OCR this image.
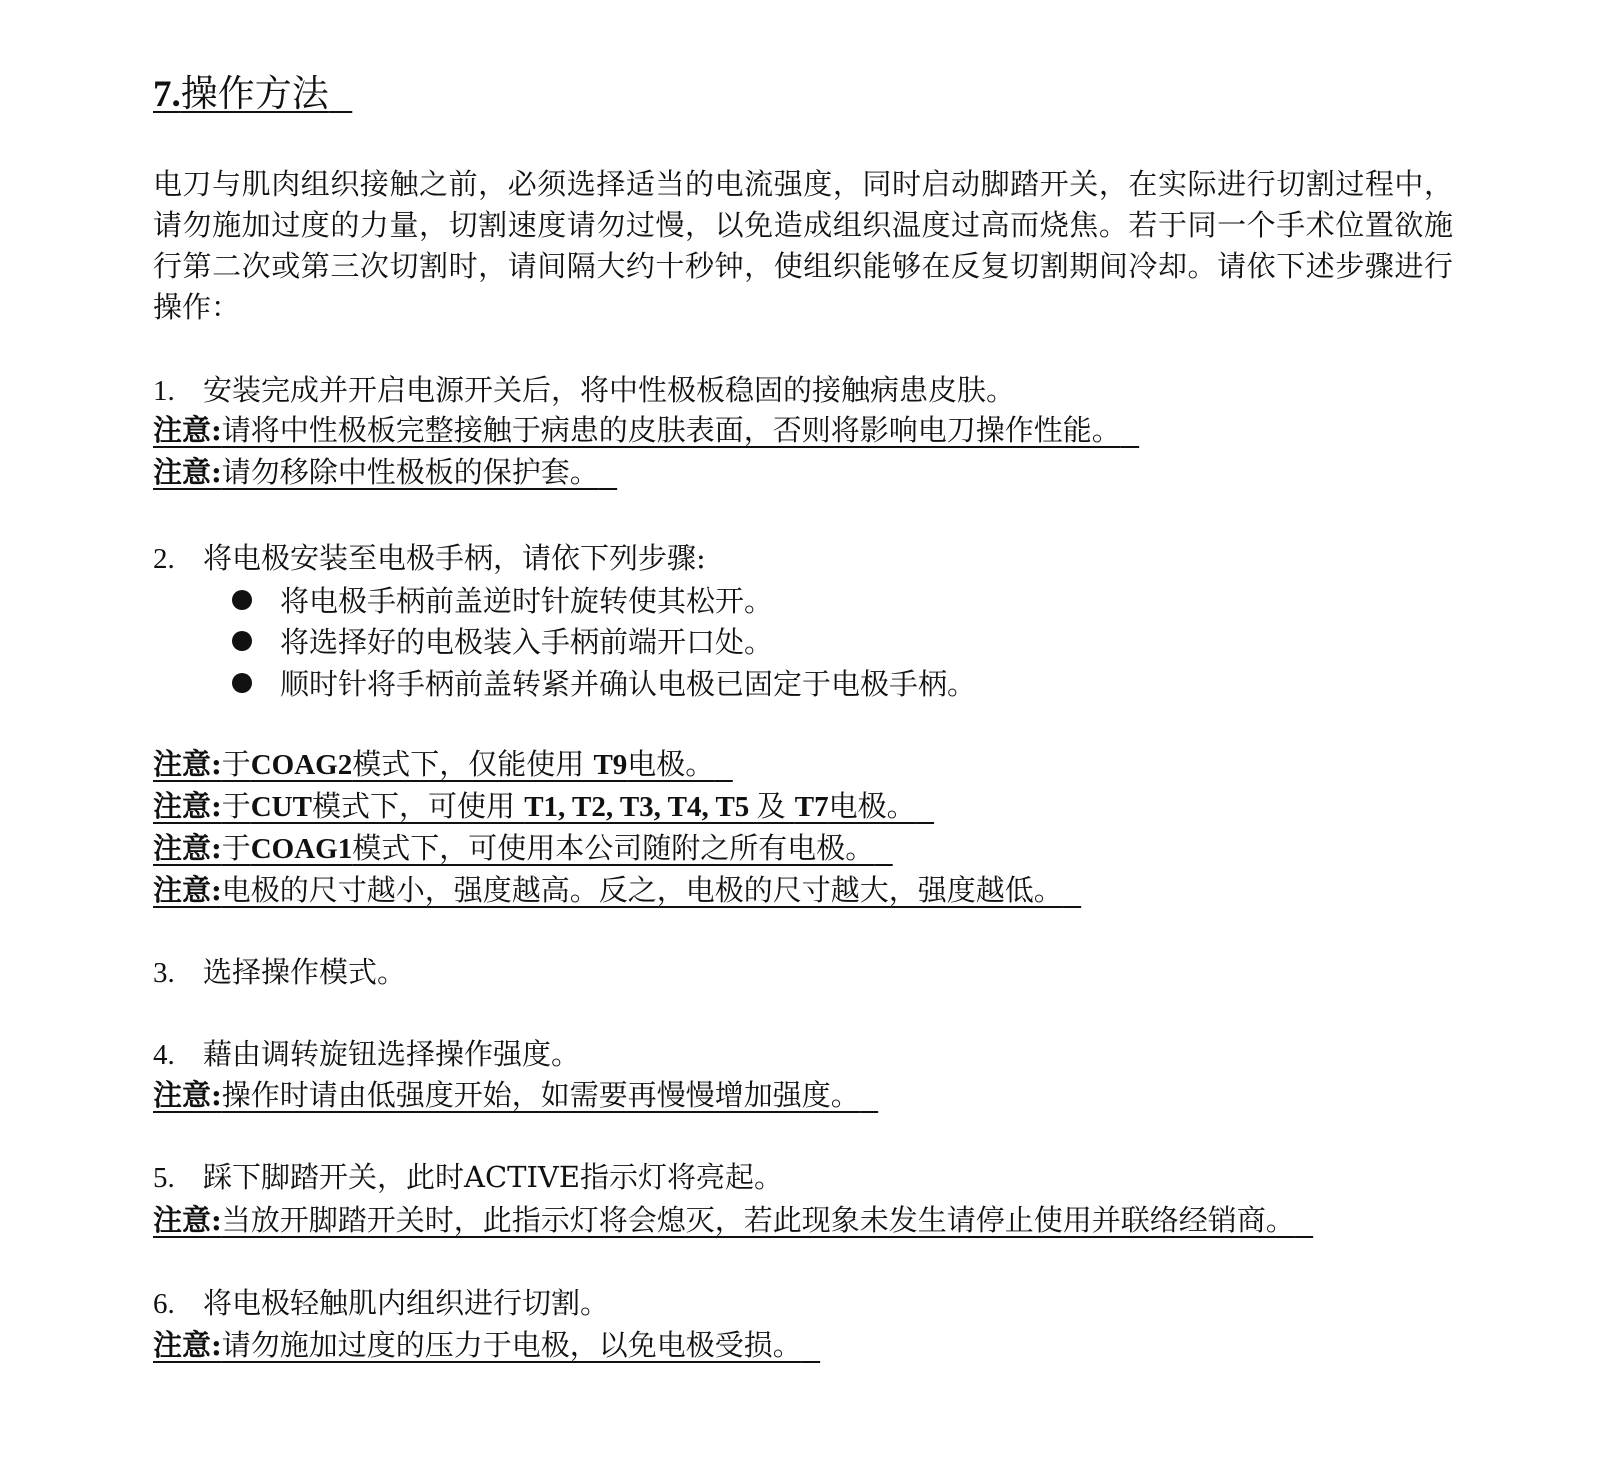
7.操作方法

电刀与肌肉组织接触之前，必须选择适当的电流强度，同时启动脚踏开关，在实际进行切割过程中，请勿施加过度的力量，切割速度请勿过慢，以免造成组织温度过高而烧焦。若于同一个手术位置欲施行第二次或第三次切割时，请间隔大约十秒钟，使组织能够在反复切割期间冷却。请依下述步骤进行操作：

1. 安装完成并开启电源开关后，将中性极板稳固的接触病患皮肤。
注意:请将中性极板完整接触于病患的皮肤表面，否则将影响电刀操作性能。
注意:请勿移除中性极板的保护套。
2. 将电极安装至电极手柄，请依下列步骤:
将电极手柄前盖逆时针旋转使其松开。
将选择好的电极装入手柄前端开口处。
顺时针将手柄前盖转紧并确认电极已固定于电极手柄。
注意:于COAG2模式下，仅能使用 T9电极。
注意:于CUT模式下，可使用 T1, T2, T3, T4, T5 及 T7电极。
注意:于COAG1模式下，可使用本公司随附之所有电极。
注意:电极的尺寸越小，强度越高。反之，电极的尺寸越大，强度越低。
3. 选择操作模式。
4. 藉由调转旋钮选择操作强度。
注意:操作时请由低强度开始，如需要再慢慢增加强度。
5. 踩下脚踏开关，此时ACTIVE指示灯将亮起。
注意:当放开脚踏开关时，此指示灯将会熄灭，若此现象未发生请停止使用并联络经销商。
6. 将电极轻触肌内组织进行切割。
注意:请勿施加过度的压力于电极，以免电极受损。
